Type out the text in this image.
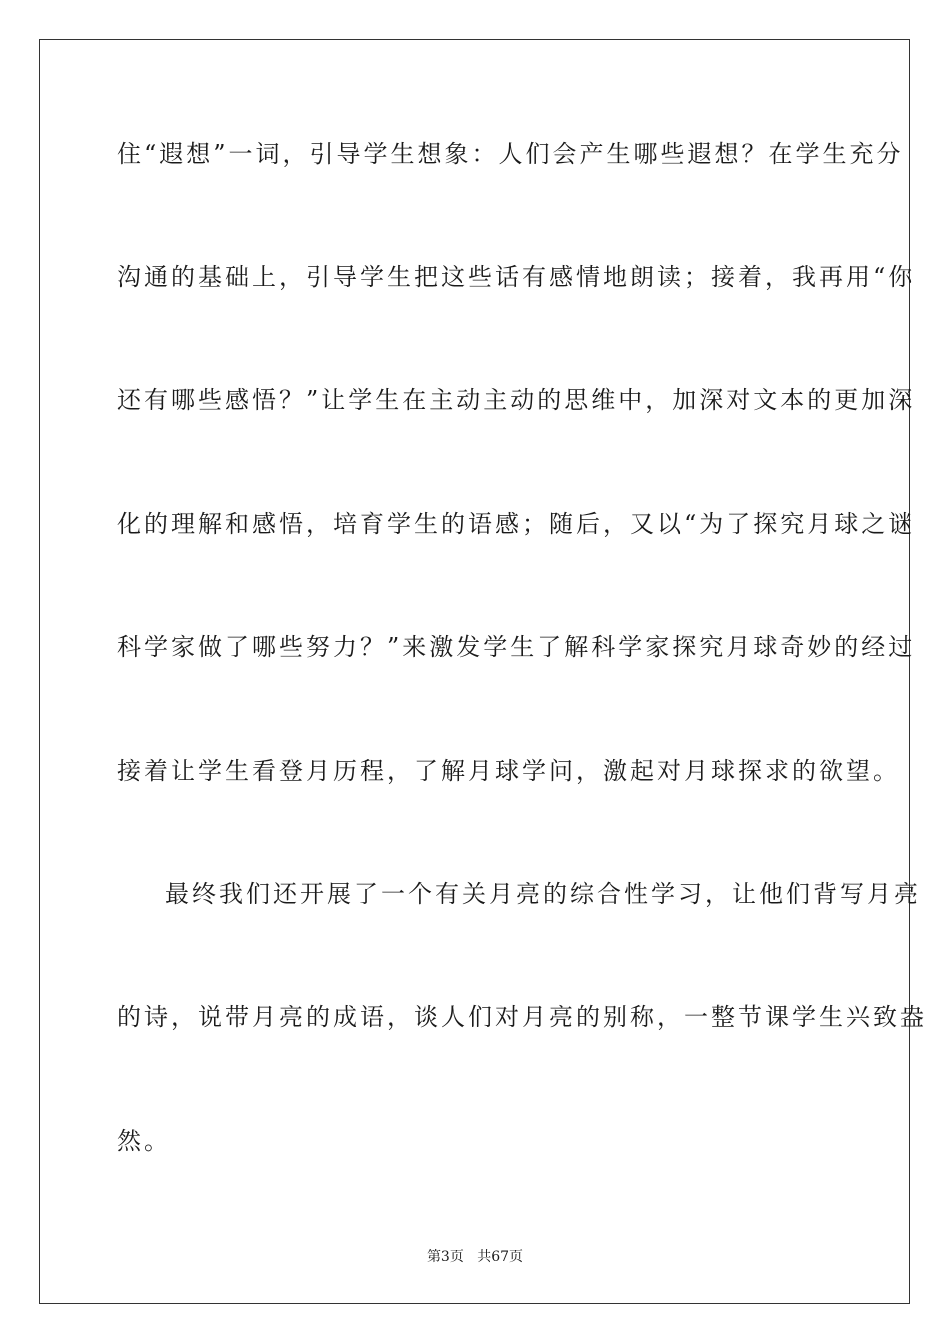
住“遐想”一词，引导学生想象：人们会产生哪些遐想？在学生充分
沟通的基础上，引导学生把这些话有感情地朗读；接着，我再用“你
还有哪些感悟？”让学生在主动主动的思维中，加深对文本的更加深
化的理解和感悟，培育学生的语感；随后，又以“为了探究月球之谜
科学家做了哪些努力？”来激发学生了解科学家探究月球奇妙的经过
接着让学生看登月历程，了解月球学问，激起对月球探求的欲望。
最终我们还开展了一个有关月亮的综合性学习，让他们背写月亮
的诗，说带月亮的成语，谈人们对月亮的别称，一整节课学生兴致盎
然。
第3页 共67页
